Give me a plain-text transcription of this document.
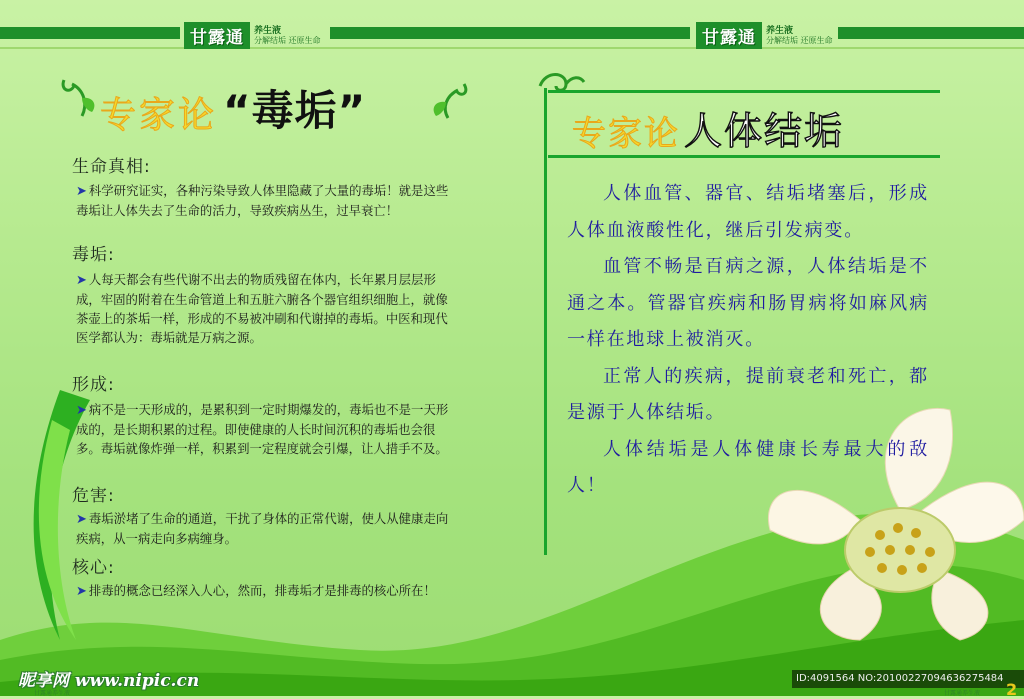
甘露通	养生液
分解结垢 还原生命	甘露通	养生液
分解结垢 还原生命
专家论 “毒垢”
生命真相:
➤ 科学研究证实，各种污染导致人体里隐藏了大量的毒垢！就是这些毒垢让人体失去了生命的活力，导致疾病丛生，过早衰亡！
毒垢:
➤ 人每天都会有些代谢不出去的物质残留在体内，长年累月层层形成，牢固的附着在生命管道上和五脏六腑各个器官组织细胞上，就像茶壶上的茶垢一样，形成的不易被冲刷和代谢掉的毒垢。中医和现代医学都认为：毒垢就是万病之源。
形成:
➤ 病不是一天形成的，是累积到一定时期爆发的，毒垢也不是一天形成的，是长期积累的过程。即使健康的人长时间沉积的毒垢也会很多。毒垢就像炸弹一样，积累到一定程度就会引爆，让人措手不及。
危害:
➤ 毒垢淤堵了生命的通道，干扰了身体的正常代谢，使人从健康走向疾病，从一病走向多病缠身。
核心:
➤ 排毒的概念已经深入人心，然而，排毒垢才是排毒的核心所在！
专家论 人体结垢

人体血管、器官、结垢堵塞后，形成人体血液酸性化，继后引发病变。

血管不畅是百病之源，人体结垢是不通之本。管器官疾病和肠胃病将如麻风病一样在地球上被消灭。

正常人的疾病，提前衰老和死亡，都是源于人体结垢。

人体结垢是人体健康长寿最大的敌人！

昵享网 www.nipic.cn
甘露通养生液
ID:4091564 NO:20100227094636275484
甘露通养生液 2
